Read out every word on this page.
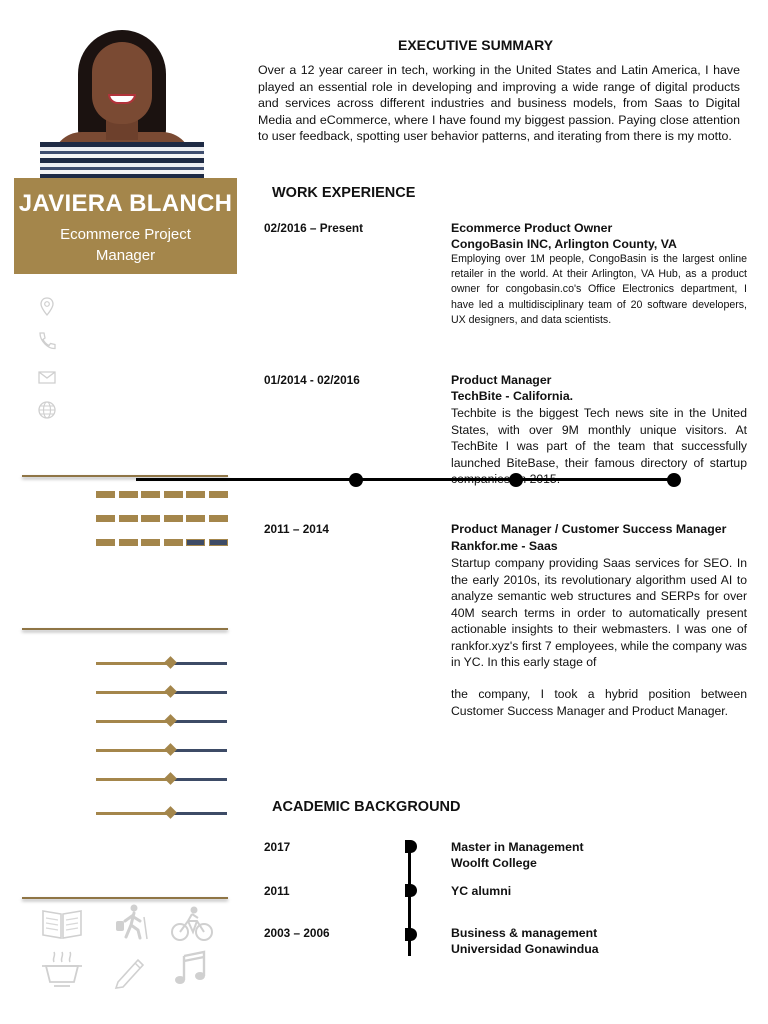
JAVIERA BLANCH
Ecommerce Project
Manager
EXECUTIVE SUMMARY
Over a 12 year career in tech, working in the United States and Latin America, I have played an essential role in developing and improving a wide range of digital products and services across different industries and business models, from Saas to Digital Media and eCommerce, where I have found my biggest passion. Paying close attention to user feedback, spotting user behavior patterns, and iterating from there is my motto.
WORK EXPERIENCE
02/2016 – Present	Ecommerce Product Owner
CongoBasin INC, Arlington County, VA
Employing over 1M people, CongoBasin is the largest online retailer in the world. At their Arlington, VA Hub, as a product owner for congobasin.co's Office Electronics department, I have led a multidisciplinary team of 20 software developers, UX designers, and data scientists.
01/2014 - 02/2016	Product Manager
TechBite - California.
Techbite is the biggest Tech news site in the United States, with over 9M monthly unique visitors. At TechBite I was part of the team that successfully launched BiteBase, their famous directory of startup
2011 – 2014	Product Manager / Customer Success Manager
Rankfor.me - Saas
Startup company providing Saas services for SEO. In the early 2010s, its revolutionary algorithm used AI to analyze semantic web structures and SERPs for over 40M search terms in order to automatically present actionable insights to their webmasters. I was one of rankfor.xyz's first 7 employees, while the company was in YC. In this early stage of
the company, I took a hybrid position between Customer Success Manager and Product Manager.
ACADEMIC BACKGROUND
2017	Master in Management
Woolft College
2011	YC alumni
2003 – 2006	Business & management
Universidad Gonawindua
